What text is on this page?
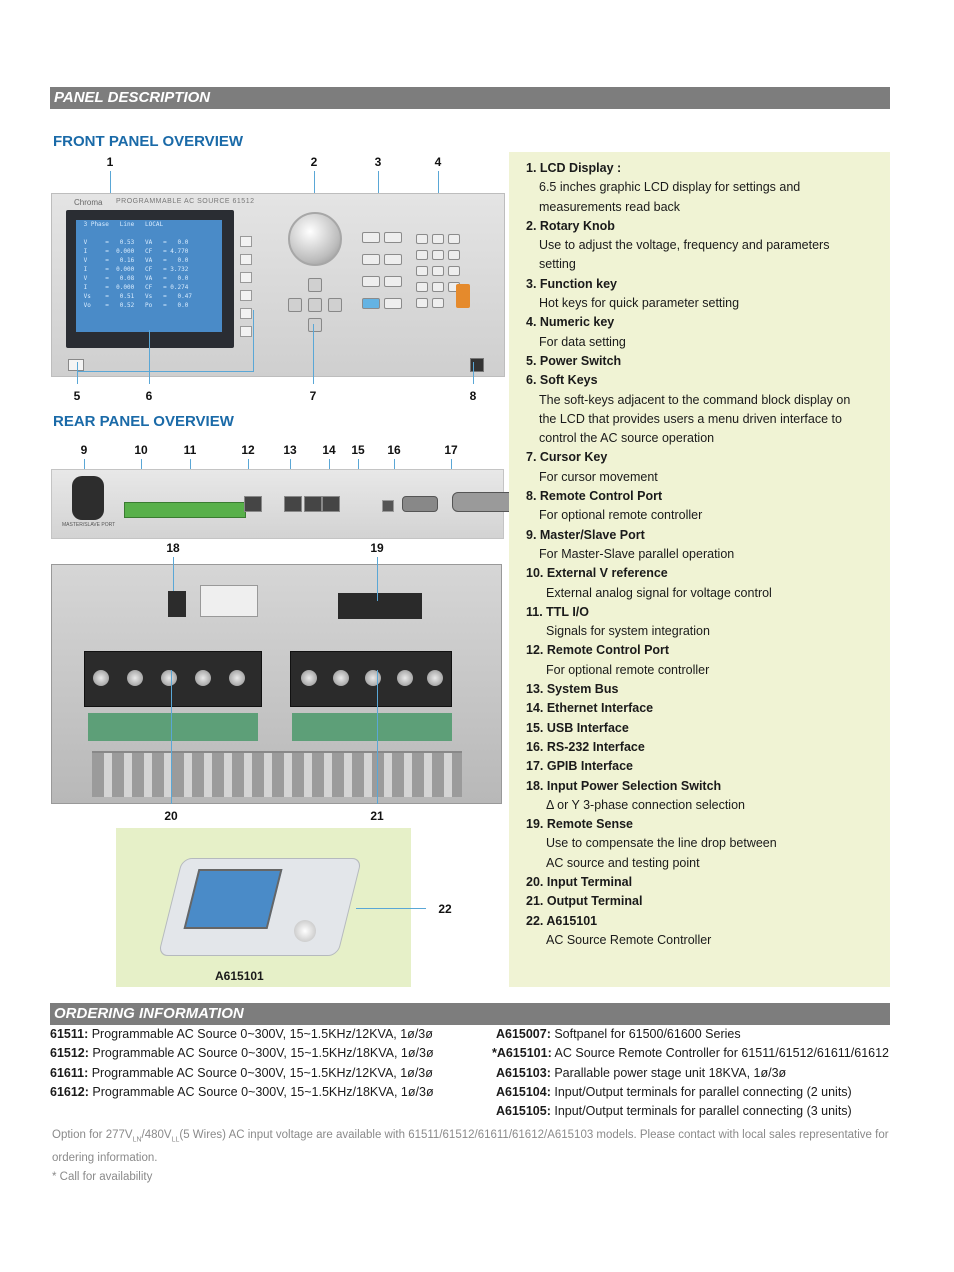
PANEL DESCRIPTION
FRONT PANEL OVERVIEW
REAR PANEL OVERVIEW
1	2	3	4
5	6	7	8
Chroma PROGRAMMABLE AC SOURCE 61512
3 Phase   Line   LOCAL
V     =   0.53   VA   =   0.0
I     =  0.000   CF   = 4.770
V     =   0.16   VA   =   0.0
I     =  0.000   CF   = 3.732
V     =   0.08   VA   =   0.0
I     =  0.000   CF   = 0.274
Vs    =   0.51   Vs   =   0.47
Vo    =   0.52   Po   =   0.0
9	10	11	12	13	14	15	16	17
MASTER/SLAVE PORT
18	19
20	21
A615101
22
1. LCD Display :
6.5 inches graphic LCD display for settings and
measurements read back
2. Rotary Knob
Use to adjust the voltage, frequency and parameters
setting
3. Function key
Hot keys for quick parameter setting
4. Numeric key
For data setting
5. Power Switch
6. Soft Keys
The soft-keys adjacent to the command block display on
the LCD that provides users a menu driven interface to
control the AC source operation
7. Cursor Key
For cursor movement
8. Remote Control Port
For optional remote controller
9. Master/Slave Port
For Master-Slave parallel operation
10. External V reference
External analog signal for voltage control
11. TTL I/O
Signals for system integration
12. Remote Control Port
For optional remote controller
13. System Bus
14. Ethernet Interface
15. USB Interface
16. RS-232 Interface
17. GPIB Interface
18. Input Power Selection Switch
Δ or Y 3-phase connection selection
19. Remote Sense
Use to compensate the line drop between
AC source and testing point
20. Input Terminal
21. Output Terminal
22. A615101
AC Source Remote Controller
ORDERING INFORMATION
61511: Programmable AC Source 0~300V, 15~1.5KHz/12KVA, 1ø/3ø
61512: Programmable AC Source 0~300V, 15~1.5KHz/18KVA, 1ø/3ø
61611: Programmable AC Source 0~300V, 15~1.5KHz/12KVA, 1ø/3ø
61612: Programmable AC Source 0~300V, 15~1.5KHz/18KVA, 1ø/3ø
A615007: Softpanel for 61500/61600 Series
*A615101: AC Source Remote Controller for 61511/61512/61611/61612
A615103: Parallable power stage unit 18KVA, 1ø/3ø
A615104: Input/Output terminals for parallel connecting (2 units)
A615105: Input/Output terminals for parallel connecting (3 units)
Option for $277V_{LN}/480V_{LL}(5$ Wires) AC input voltage are available with 61511/61512/61611/61612/A615103 models. Please contact with local sales representative for ordering information.
* Call for availability
